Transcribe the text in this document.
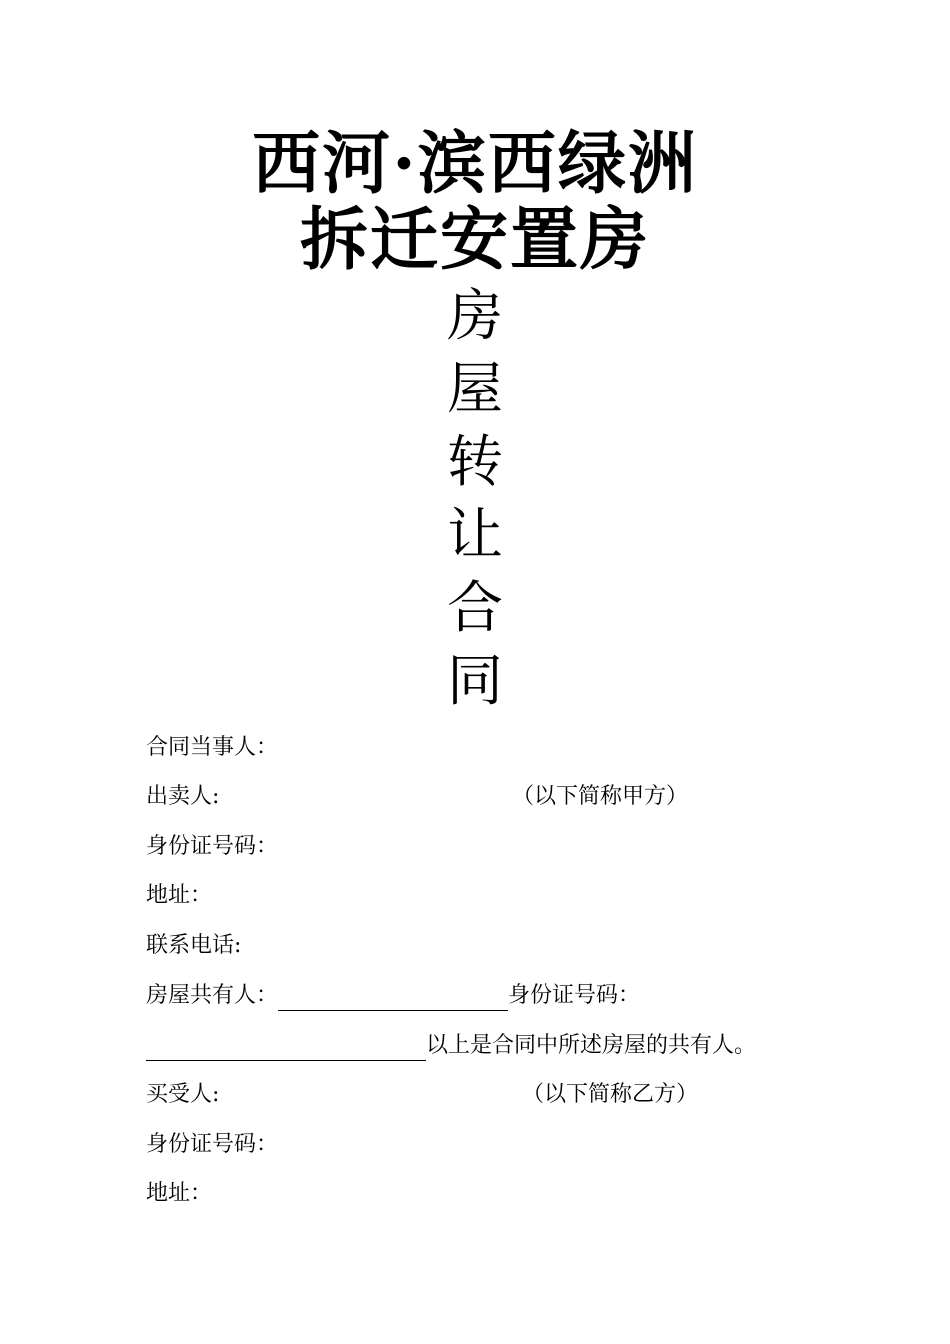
西河·滨西绿洲
拆迁安置房
房
屋
转
让
合
同
合同当事人：
出卖人:	（以下简称甲方）
身份证号码：
地址：
联系电话:
房屋共有人：	身份证号码：
以上是合同中所述房屋的共有人。
买受人:	（以下简称乙方）
身份证号码：
地址：
